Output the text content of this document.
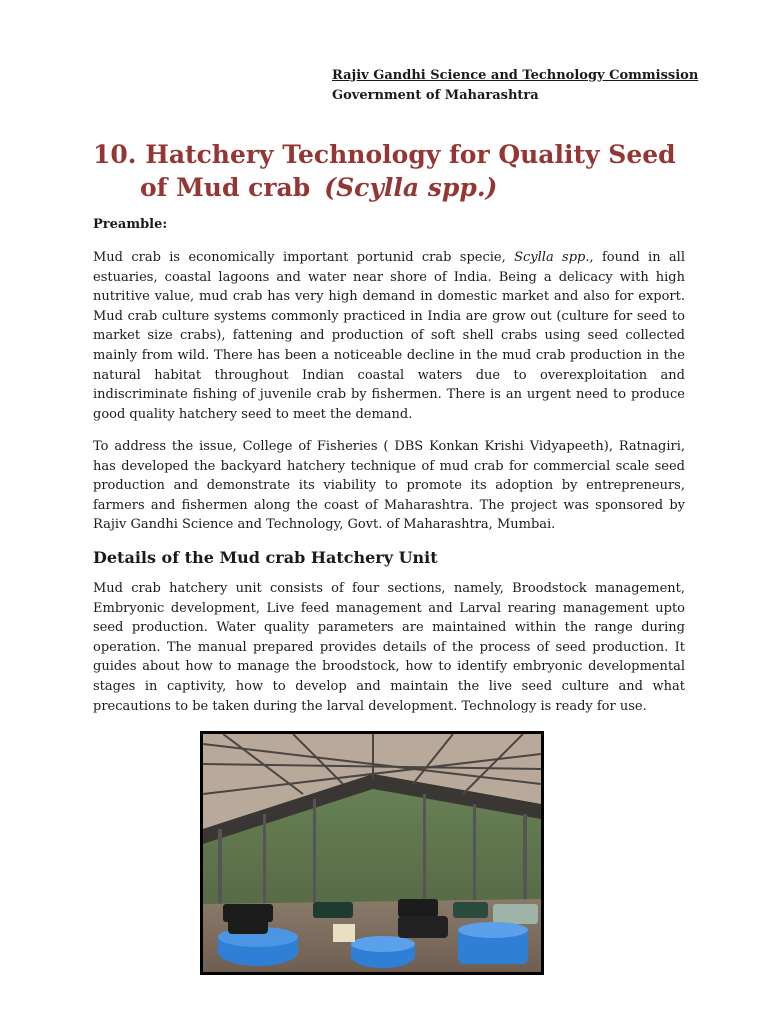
Rajiv Gandhi Science and Technology Commission
Government of Maharashtra
10. Hatchery Technology for Quality Seed
of Mud crab (Scylla spp.)
Preamble:

Mud crab is economically important portunid crab specie, Scylla spp., found in all estuaries, coastal lagoons and water near shore of India. Being a delicacy with high nutritive value, mud crab has very high demand in domestic market and also for export. Mud crab culture systems commonly practiced in India are grow out (culture for seed to market size crabs), fattening and production of soft shell crabs using seed collected mainly from wild. There has been a noticeable decline in the mud crab production in the natural habitat throughout Indian coastal waters due to overexploitation and indiscriminate fishing of juvenile crab by fishermen. There is an urgent need to produce good quality hatchery seed to meet the demand.

To address the issue, College of Fisheries ( DBS Konkan Krishi Vidyapeeth), Ratnagiri, has developed the backyard hatchery technique of mud crab for commercial scale seed production and demonstrate its viability to promote its adoption by entrepreneurs, farmers and fishermen along the coast of Maharashtra. The project was sponsored by Rajiv Gandhi Science and Technology, Govt. of Maharashtra, Mumbai.

Details of the Mud crab Hatchery Unit

Mud crab hatchery unit consists of four sections, namely, Broodstock management, Embryonic development, Live feed management and Larval rearing management upto seed production. Water quality parameters are maintained within the range during operation. The manual prepared provides details of the process of seed production. It guides about how to manage the broodstock, how to identify embryonic developmental stages in captivity, how to develop and maintain the live seed culture and what precautions to be taken during the larval development. Technology is ready for use.
